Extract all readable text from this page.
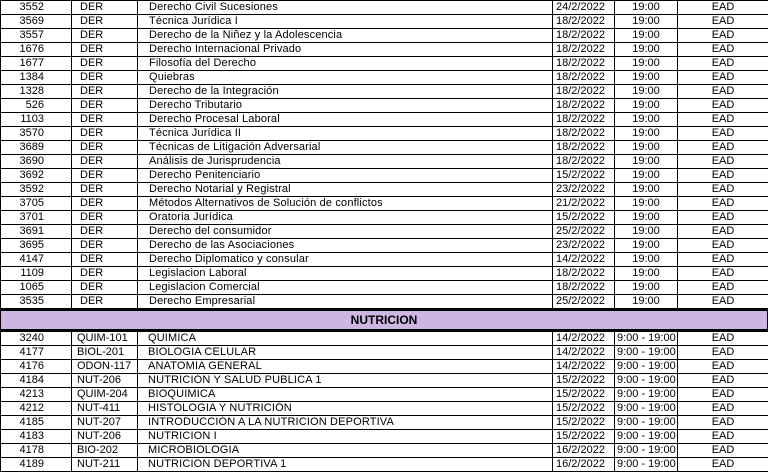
3552	DER	Derecho Civil Sucesiones	24/2/2022	19:00	EAD
3569	DER	Técnica Jurídica I	18/2/2022	19:00	EAD
3557	DER	Derecho de la Niñez y la Adolescencia	18/2/2022	19:00	EAD
1676	DER	Derecho Internacional Privado	18/2/2022	19:00	EAD
1677	DER	Filosofía del Derecho	18/2/2022	19:00	EAD
1384	DER	Quiebras	18/2/2022	19:00	EAD
1328	DER	Derecho de la Integración	18/2/2022	19:00	EAD
526	DER	Derecho Tributario	18/2/2022	19:00	EAD
1103	DER	Derecho Procesal Laboral	18/2/2022	19:00	EAD
3570	DER	Técnica Jurídica II	18/2/2022	19:00	EAD
3689	DER	Técnicas de Litigación Adversarial	18/2/2022	19:00	EAD
3690	DER	Análisis de Jurisprudencia	18/2/2022	19:00	EAD
3692	DER	Derecho Penitenciario	15/2/2022	19:00	EAD
3592	DER	Derecho Notarial y Registral	23/2/2022	19:00	EAD
3705	DER	Métodos Alternativos de Solución de conflictos	21/2/2022	19:00	EAD
3701	DER	Oratoria Jurídica	15/2/2022	19:00	EAD
3691	DER	Derecho del consumidor	25/2/2022	19:00	EAD
3695	DER	Derecho de las Asociaciones	23/2/2022	19:00	EAD
4147	DER	Derecho Diplomatico y consular	14/2/2022	19:00	EAD
1109	DER	Legislacion Laboral	18/2/2022	19:00	EAD
1065	DER	Legislacion Comercial	18/2/2022	19:00	EAD
3535	DER	Derecho Empresarial	25/2/2022	19:00	EAD
NUTRICION
3240	QUIM-101	QUIMICA	14/2/2022	9:00 - 19:00	EAD
4177	BIOL-201	BIOLOGIA CELULAR	14/2/2022	9:00 - 19:00	EAD
4176	ODON-117	ANATOMIA GENERAL	14/2/2022	9:00 - 19:00	EAD
4184	NUT-206	NUTRICIÓN Y SALUD PUBLICA 1	15/2/2022	9:00 - 19:00	EAD
4213	QUIM-204	BIOQUIMICA	15/2/2022	9:00 - 19:00	EAD
4212	NUT-411	HISTOLOGIA Y NUTRICIÓN	15/2/2022	9:00 - 19:00	EAD
4185	NUT-207	INTRODUCCIÓN A LA NUTRICION DEPORTIVA	15/2/2022	9:00 - 19:00	EAD
4183	NUT-206	NUTRICION I	15/2/2022	9:00 - 19:00	EAD
4178	BIO-202	MICROBIOLOGIA	16/2/2022	9:00 - 19:00	EAD
4189	NUT-211	NUTRICION DEPORTIVA 1	16/2/2022	9:00 - 19:00	EAD
